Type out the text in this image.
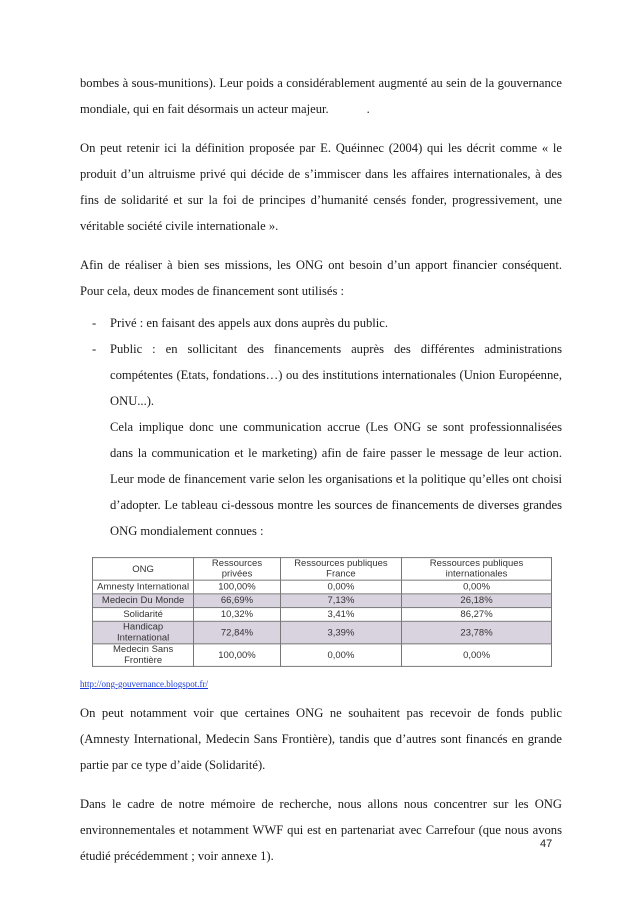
bombes à sous-munitions). Leur poids a considérablement augmenté au sein de la gouvernance mondiale, qui en fait désormais un acteur majeur.	.

On peut retenir ici la définition proposée par E. Quéinnec (2004) qui les décrit comme « le produit d’un altruisme privé qui décide de s’immiscer dans les affaires internationales, à des fins de solidarité et sur la foi de principes d’humanité censés fonder, progressivement, une véritable société civile internationale ».

Afin de réaliser à bien ses missions, les ONG ont besoin d’un apport financier conséquent. Pour cela, deux modes de financement sont utilisés :

- Privé : en faisant des appels aux dons auprès du public.
- Public : en sollicitant des financements auprès des différentes administrations compétentes (Etats, fondations…) ou des institutions internationales (Union Européenne, ONU...).

Cela implique donc une communication accrue (Les ONG se sont professionnalisées dans la communication et le marketing) afin de faire passer le message de leur action. Leur mode de financement varie selon les organisations et la politique qu’elles ont choisi d’adopter. Le tableau ci-dessous montre les sources de financements de diverses grandes ONG mondialement connues :

ONG	Ressources privées	Ressources publiques France	Ressources publiques internationales
Amnesty International	100,00%	0,00%	0,00%
Medecin Du Monde	66,69%	7,13%	26,18%
Solidarité	10,32%	3,41%	86,27%
Handicap International	72,84%	3,39%	23,78%
Medecin Sans Frontière	100,00%	0,00%	0,00%
http://ong-gouvernance.blogspot.fr/

On peut notamment voir que certaines ONG ne souhaitent pas recevoir de fonds public (Amnesty International, Medecin Sans Frontière), tandis que d’autres sont financés en grande partie par ce type d’aide (Solidarité).

Dans le cadre de notre mémoire de recherche, nous allons nous concentrer sur les ONG environnementales et notamment WWF qui est en partenariat avec Carrefour (que nous avons étudié précédemment ; voir annexe 1).

47
